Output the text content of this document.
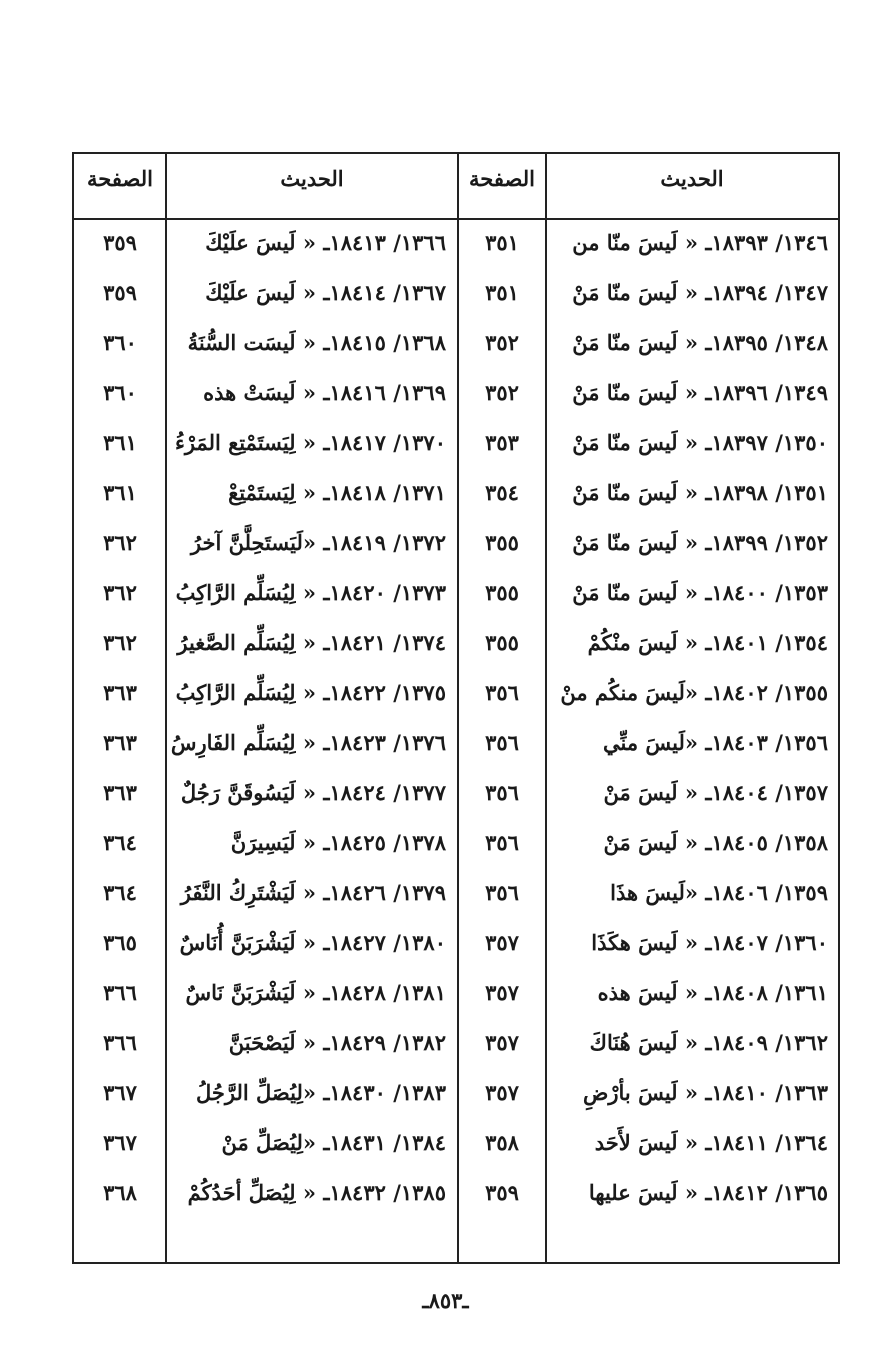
الحديث
الصفحة
الحديث
الصفحة
١٣٤٦/ ١٨٣٩٣ـ « لَيسَ منّا من
٣٥١
١٣٦٦/ ١٨٤١٣ـ « لَيسَ علَيْكَ
٣٥٩
١٣٤٧/ ١٨٣٩٤ـ « لَيسَ منّا مَنْ
٣٥١
١٣٦٧/ ١٨٤١٤ـ « لَيسَ علَيْكَ
٣٥٩
١٣٤٨/ ١٨٣٩٥ـ « لَيسَ منّا مَنْ
٣٥٢
١٣٦٨/ ١٨٤١٥ـ « لَيسَت السُّنَةُ
٣٦٠
١٣٤٩/ ١٨٣٩٦ـ « لَيسَ منّا مَنْ
٣٥٢
١٣٦٩/ ١٨٤١٦ـ « لَيسَتْ هذه
٣٦٠
١٣٥٠/ ١٨٣٩٧ـ « لَيسَ منّا مَنْ
٣٥٣
١٣٧٠/ ١٨٤١٧ـ « لِيَستَمْتِع المَرْءُ
٣٦١
١٣٥١/ ١٨٣٩٨ـ « لَيسَ منّا مَنْ
٣٥٤
١٣٧١/ ١٨٤١٨ـ « لِيَستَمْتِعْ
٣٦١
١٣٥٢/ ١٨٣٩٩ـ « لَيسَ منّا مَنْ
٣٥٥
١٣٧٢/ ١٨٤١٩ـ «لَيَستَحِلَّنَّ آخرُ
٣٦٢
١٣٥٣/ ١٨٤٠٠ـ « لَيسَ منّا مَنْ
٣٥٥
١٣٧٣/ ١٨٤٢٠ـ « لِيُسَلِّم الرَّاكِبُ
٣٦٢
١٣٥٤/ ١٨٤٠١ـ « لَيسَ منْكُمْ
٣٥٥
١٣٧٤/ ١٨٤٢١ـ « لِيُسَلِّم الصَّغيرُ
٣٦٢
١٣٥٥/ ١٨٤٠٢ـ «لَيسَ منكُم منْ
٣٥٦
١٣٧٥/ ١٨٤٢٢ـ « لِيُسَلِّم الرَّاكِبُ
٣٦٣
١٣٥٦/ ١٨٤٠٣ـ «لَيسَ منِّي
٣٥٦
١٣٧٦/ ١٨٤٢٣ـ « لِيُسَلِّم الفَارِسُ
٣٦٣
١٣٥٧/ ١٨٤٠٤ـ « لَيسَ مَنْ
٣٥٦
١٣٧٧/ ١٨٤٢٤ـ « لَيَسُوقَنَّ رَجُلٌ
٣٦٣
١٣٥٨/ ١٨٤٠٥ـ « لَيسَ مَنْ
٣٥٦
١٣٧٨/ ١٨٤٢٥ـ « لَيَسِيرَنَّ
٣٦٤
١٣٥٩/ ١٨٤٠٦ـ «لَيسَ هذَا
٣٥٦
١٣٧٩/ ١٨٤٢٦ـ « لَيَشْتَرِكُ النَّفَرُ
٣٦٤
١٣٦٠/ ١٨٤٠٧ـ « لَيسَ هكَذَا
٣٥٧
١٣٨٠/ ١٨٤٢٧ـ « لَيَشْرَبَنَّ أُنَاسٌ
٣٦٥
١٣٦١/ ١٨٤٠٨ـ « لَيسَ هذه
٣٥٧
١٣٨١/ ١٨٤٢٨ـ « لَيَشْرَبَنَّ نَاسٌ
٣٦٦
١٣٦٢/ ١٨٤٠٩ـ « لَيسَ هُنَاكَ
٣٥٧
١٣٨٢/ ١٨٤٢٩ـ « لَيَصْحَبَنَّ
٣٦٦
١٣٦٣/ ١٨٤١٠ـ « لَيسَ بأرْضِ
٣٥٧
١٣٨٣/ ١٨٤٣٠ـ «لِيُصَلِّ الرَّجُلُ
٣٦٧
١٣٦٤/ ١٨٤١١ـ « لَيسَ لأَحَد
٣٥٨
١٣٨٤/ ١٨٤٣١ـ «لِيُصَلِّ مَنْ
٣٦٧
١٣٦٥/ ١٨٤١٢ـ « لَيسَ عليها
٣٥٩
١٣٨٥/ ١٨٤٣٢ـ « لِيُصَلِّ أحَدُكُمْ
٣٦٨
ـ٨٥٣ـ
